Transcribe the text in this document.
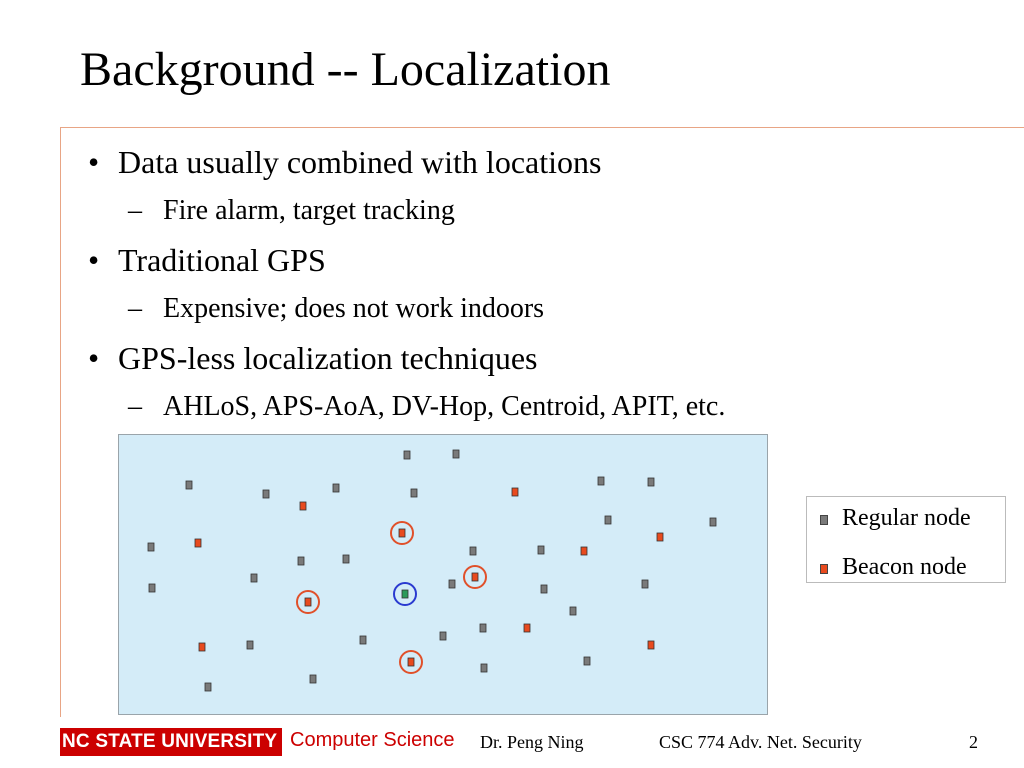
Background -- Localization
• Data usually combined with locations
– Fire alarm, target tracking
• Traditional GPS
– Expensive; does not work indoors
• GPS-less localization techniques
– AHLoS, APS-AoA, DV-Hop, Centroid, APIT, etc.
Regular node
Beacon node
NC STATE UNIVERSITY Computer Science Dr. Peng Ning	CSC 774 Adv. Net. Security	2
